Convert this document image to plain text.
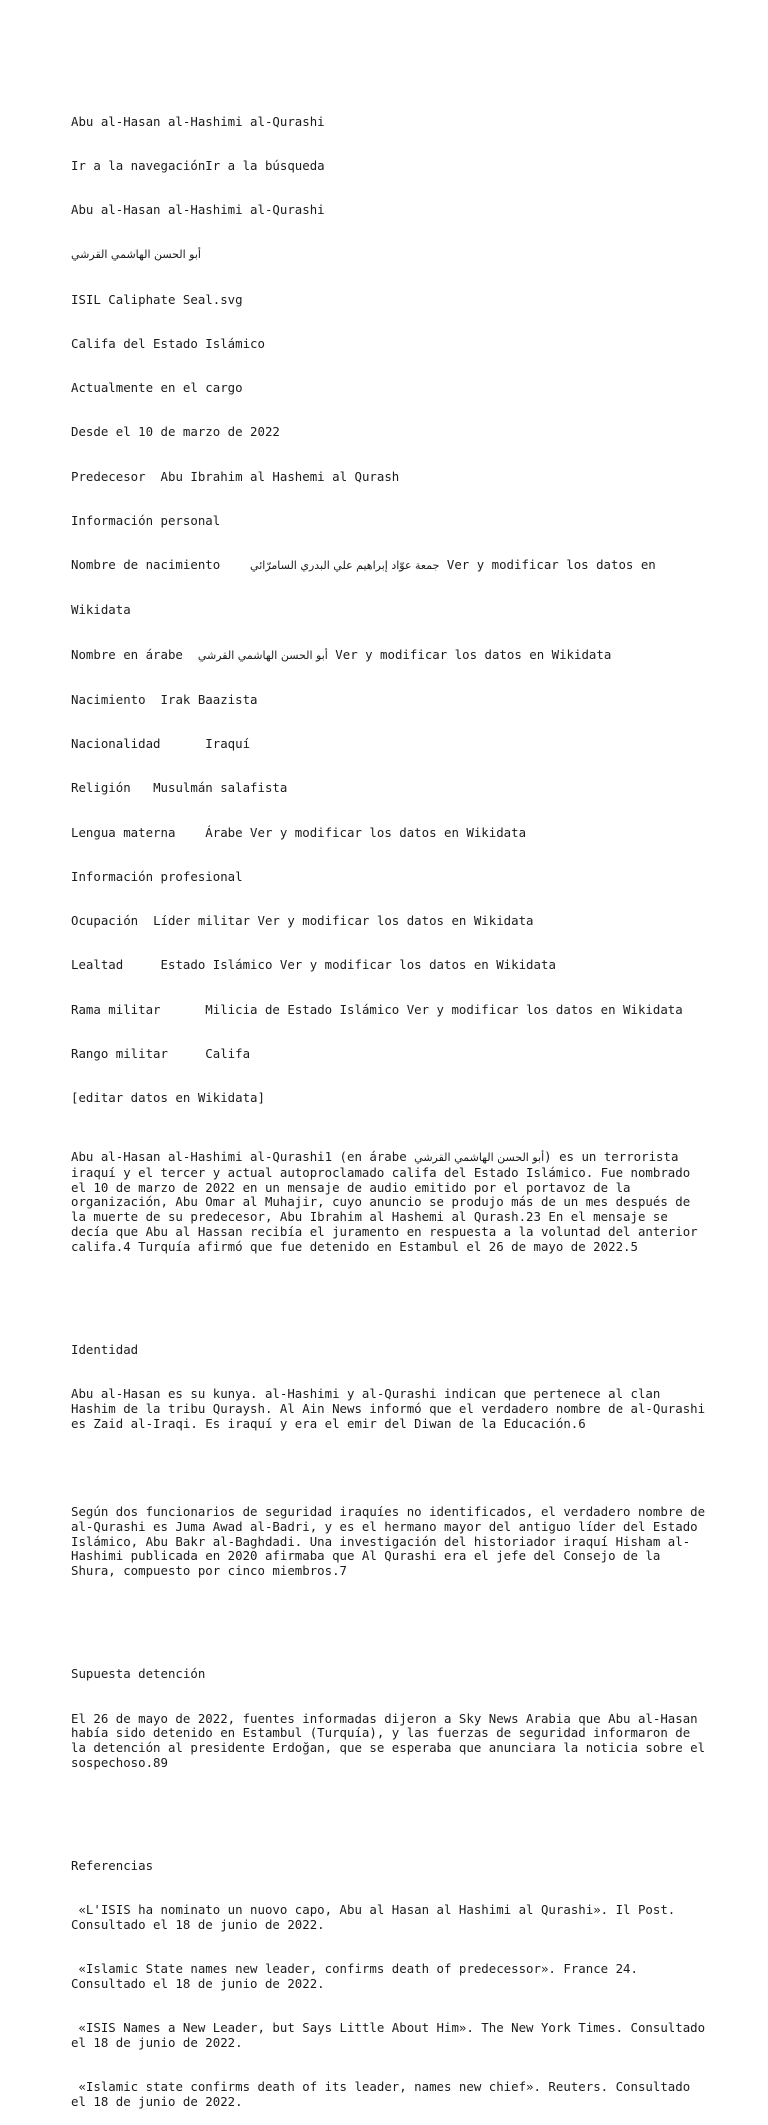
Abu al-Hasan al-Hashimi al-Qurashi

Ir a la navegaciónIr a la búsqueda

Abu al-Hasan al-Hashimi al-Qurashi

أبو الحسن الهاشمي القرشي

ISIL Caliphate Seal.svg

Califa del Estado Islámico

Actualmente en el cargo

Desde el 10 de marzo de 2022

Predecesor Abu Ibrahim al Hashemi al Qurash

Información personal

Nombre de nacimiento	جمعة عوّاد إبراهيم علي البدري السامرّائي Ver y modificar los datos en

Wikidata

Nombre en árabe أبو الحسن الهاشمي القرشي Ver y modificar los datos en Wikidata

Nacimiento Irak Baazista

Nacionalidad	Iraquí

Religión Musulmán salafista

Lengua materna Árabe Ver y modificar los datos en Wikidata

Información profesional

Ocupación Líder militar Ver y modificar los datos en Wikidata

Lealtad	Estado Islámico Ver y modificar los datos en Wikidata

Rama militar	Milicia de Estado Islámico Ver y modificar los datos en Wikidata

Rango militar	Califa

[editar datos en Wikidata]

Abu al-Hasan al-Hashimi al-Qurashi1 (en árabe أبو الحسن الهاشمي القرشي) es un terrorista iraquí y el tercer y actual autoproclamado califa del Estado Islámico. Fue nombrado el 10 de marzo de 2022 en un mensaje de audio emitido por el portavoz de la organización, Abu Omar al Muhajir, cuyo anuncio se produjo más de un mes después de la muerte de su predecesor, Abu Ibrahim al Hashemi al Qurash.23 En el mensaje se decía que Abu al Hassan recibía el juramento en respuesta a la voluntad del anterior califa.4 Turquía afirmó que fue detenido en Estambul el 26 de mayo de 2022.5

Identidad

Abu al-Hasan es su kunya. al-Hashimi y al-Qurashi indican que pertenece al clan Hashim de la tribu Quraysh. Al Ain News informó que el verdadero nombre de al-Qurashi es Zaid al-Iraqi. Es iraquí y era el emir del Diwan de la Educación.6

Según dos funcionarios de seguridad iraquíes no identificados, el verdadero nombre de al-Qurashi es Juma Awad al-Badri, y es el hermano mayor del antiguo líder del Estado Islámico, Abu Bakr al-Baghdadi. Una investigación del historiador iraquí Hisham al-Hashimi publicada en 2020 afirmaba que Al Qurashi era el jefe del Consejo de la Shura, compuesto por cinco miembros.7

Supuesta detención

El 26 de mayo de 2022, fuentes informadas dijeron a Sky News Arabia que Abu al-Hasan había sido detenido en Estambul (Turquía), y las fuerzas de seguridad informaron de la detención al presidente Erdoğan, que se esperaba que anunciara la noticia sobre el sospechoso.89

Referencias

«L'ISIS ha nominato un nuovo capo, Abu al Hasan al Hashimi al Qurashi». Il Post. Consultado el 18 de junio de 2022.

«Islamic State names new leader, confirms death of predecessor». France 24. Consultado el 18 de junio de 2022.

«ISIS Names a New Leader, but Says Little About Him». The New York Times. Consultado el 18 de junio de 2022.

«Islamic state confirms death of its leader, names new chief». Reuters. Consultado el 18 de junio de 2022.
